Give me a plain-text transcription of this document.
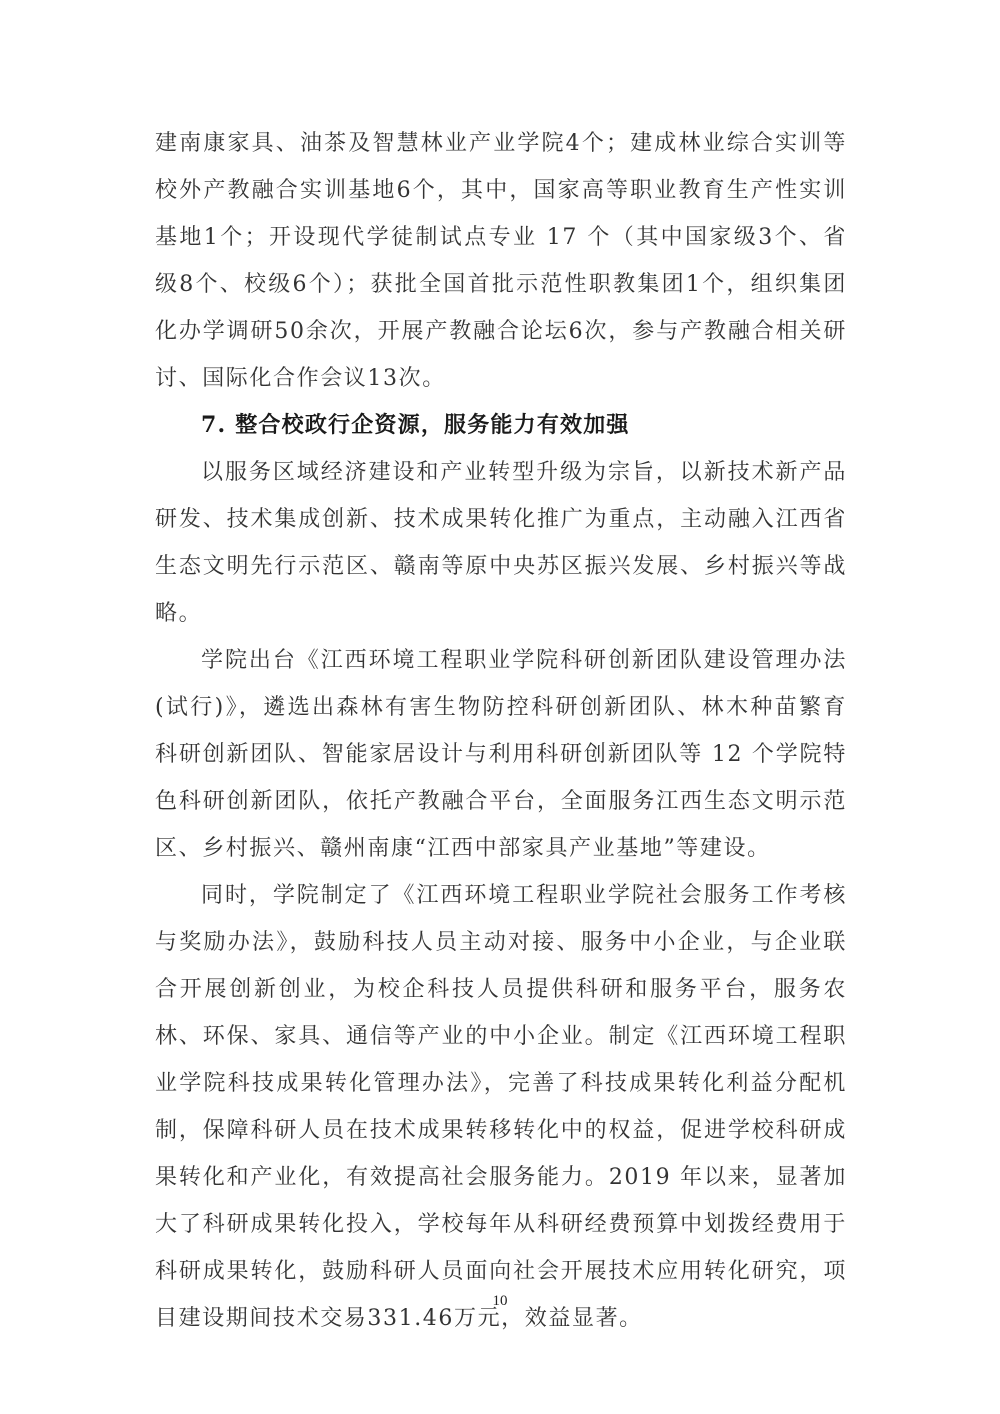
建南康家具、油茶及智慧林业产业学院4个；建成林业综合实训等校外产教融合实训基地6个，其中，国家高等职业教育生产性实训基地1个；开设现代学徒制试点专业 17 个（其中国家级3个、省级8个、校级6个）；获批全国首批示范性职教集团1个，组织集团化办学调研50余次，开展产教融合论坛6次，参与产教融合相关研讨、国际化合作会议13次。

7. 整合校政行企资源，服务能力有效加强

以服务区域经济建设和产业转型升级为宗旨，以新技术新产品研发、技术集成创新、技术成果转化推广为重点，主动融入江西省生态文明先行示范区、赣南等原中央苏区振兴发展、乡村振兴等战略。

学院出台《江西环境工程职业学院科研创新团队建设管理办法(试行)》，遴选出森林有害生物防控科研创新团队、林木种苗繁育科研创新团队、智能家居设计与利用科研创新团队等 12 个学院特色科研创新团队，依托产教融合平台，全面服务江西生态文明示范区、乡村振兴、赣州南康“江西中部家具产业基地”等建设。

同时，学院制定了《江西环境工程职业学院社会服务工作考核与奖励办法》，鼓励科技人员主动对接、服务中小企业，与企业联合开展创新创业，为校企科技人员提供科研和服务平台，服务农林、环保、家具、通信等产业的中小企业。制定《江西环境工程职业学院科技成果转化管理办法》，完善了科技成果转化利益分配机制，保障科研人员在技术成果转移转化中的权益，促进学校科研成果转化和产业化，有效提高社会服务能力。2019 年以来，显著加大了科研成果转化投入，学校每年从科研经费预算中划拨经费用于科研成果转化，鼓励科研人员面向社会开展技术应用转化研究，项目建设期间技术交易331.46万元，效益显著。

10
